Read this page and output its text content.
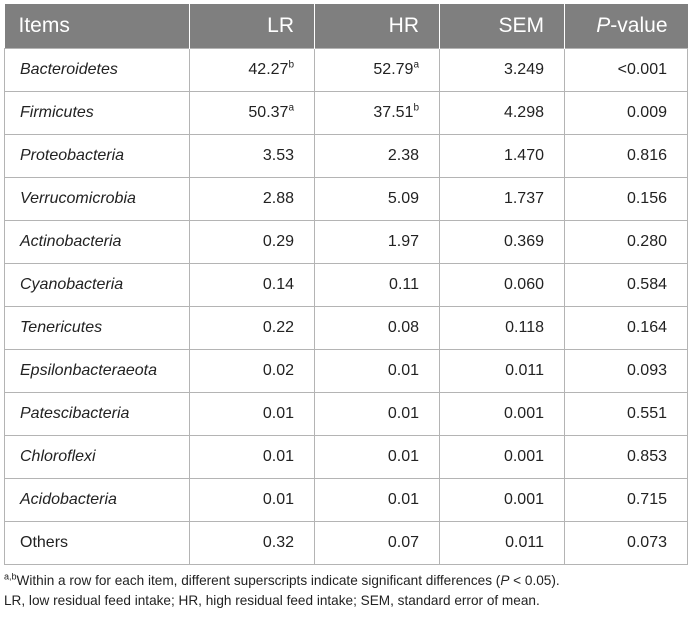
Items	LR	HR	SEM	P-value
Bacteroidetes	42.27$^b$	52.79$^a$	3.249	<0.001
Firmicutes	50.37$^a$	37.51$^b$	4.298	0.009
Proteobacteria	3.53	2.38	1.470	0.816
Verrucomicrobia	2.88	5.09	1.737	0.156
Actinobacteria	0.29	1.97	0.369	0.280
Cyanobacteria	0.14	0.11	0.060	0.584
Tenericutes	0.22	0.08	0.118	0.164
Epsilonbacteraeota	0.02	0.01	0.011	0.093
Patescibacteria	0.01	0.01	0.001	0.551
Chloroflexi	0.01	0.01	0.001	0.853
Acidobacteria	0.01	0.01	0.001	0.715
Others	0.32	0.07	0.011	0.073
$^{a,b}$Within a row for each item, different superscripts indicate significant differences (P < 0.05).
LR, low residual feed intake; HR, high residual feed intake; SEM, standard error of mean.
